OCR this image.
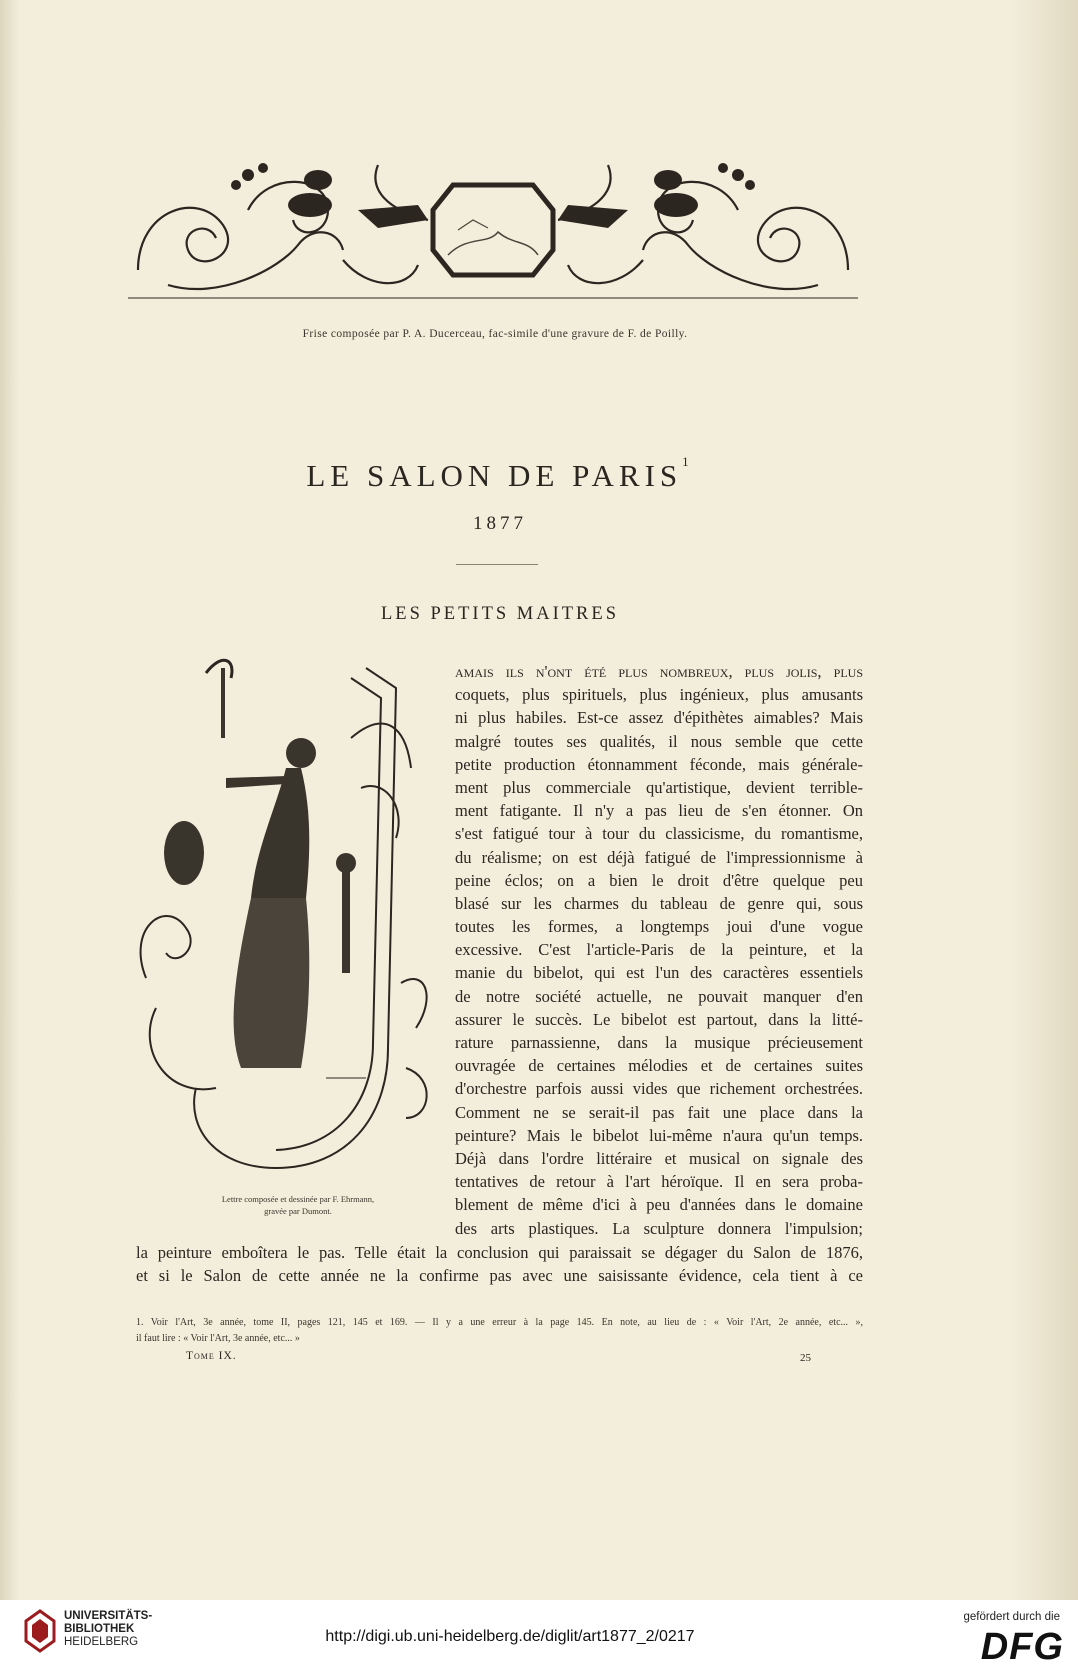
Frise composée par P. A. Ducerceau, fac-simile d'une gravure de F. de Poilly.
LE SALON DE PARIS$^1$
1877
LES PETITS MAITRES
Lettre composée et dessinée par F. Ehrmann,
gravée par Dumont.
amais ils n'ont été plus nombreux, plus jolis, plus
coquets, plus spirituels, plus ingénieux, plus amusants
ni plus habiles. Est-ce assez d'épithètes aimables? Mais
malgré toutes ses qualités, il nous semble que cette
petite production étonnamment féconde, mais générale-
ment plus commerciale qu'artistique, devient terrible-
ment fatigante. Il n'y a pas lieu de s'en étonner. On
s'est fatigué tour à tour du classicisme, du romantisme,
du réalisme; on est déjà fatigué de l'impressionnisme à
peine éclos; on a bien le droit d'être quelque peu
blasé sur les charmes du tableau de genre qui, sous
toutes les formes, a longtemps joui d'une vogue
excessive. C'est l'article-Paris de la peinture, et la
manie du bibelot, qui est l'un des caractères essentiels
de notre société actuelle, ne pouvait manquer d'en
assurer le succès. Le bibelot est partout, dans la litté-
rature parnassienne, dans la musique précieusement
ouvragée de certaines mélodies et de certaines suites
d'orchestre parfois aussi vides que richement orchestrées.
Comment ne se serait-il pas fait une place dans la
peinture? Mais le bibelot lui-même n'aura qu'un temps.
Déjà dans l'ordre littéraire et musical on signale des
tentatives de retour à l'art héroïque. Il en sera proba-
blement de même d'ici à peu d'années dans le domaine
des arts plastiques. La sculpture donnera l'impulsion;
la peinture emboîtera le pas. Telle était la conclusion qui paraissait se dégager du Salon de 1876,
et si le Salon de cette année ne la confirme pas avec une saisissante évidence, cela tient à ce
1. Voir l'Art, 3e année, tome II, pages 121, 145 et 169. — Il y a une erreur à la page 145. En note, au lieu de : « Voir l'Art, 2e année, etc... »,
il faut lire : « Voir l'Art, 3e année, etc... »
Tome IX.	25
UNIVERSITÄTS-
BIBLIOTHEK
HEIDELBERG	http://digi.ub.uni-heidelberg.de/diglit/art1877_2/0217
gefördert durch die
DFG
